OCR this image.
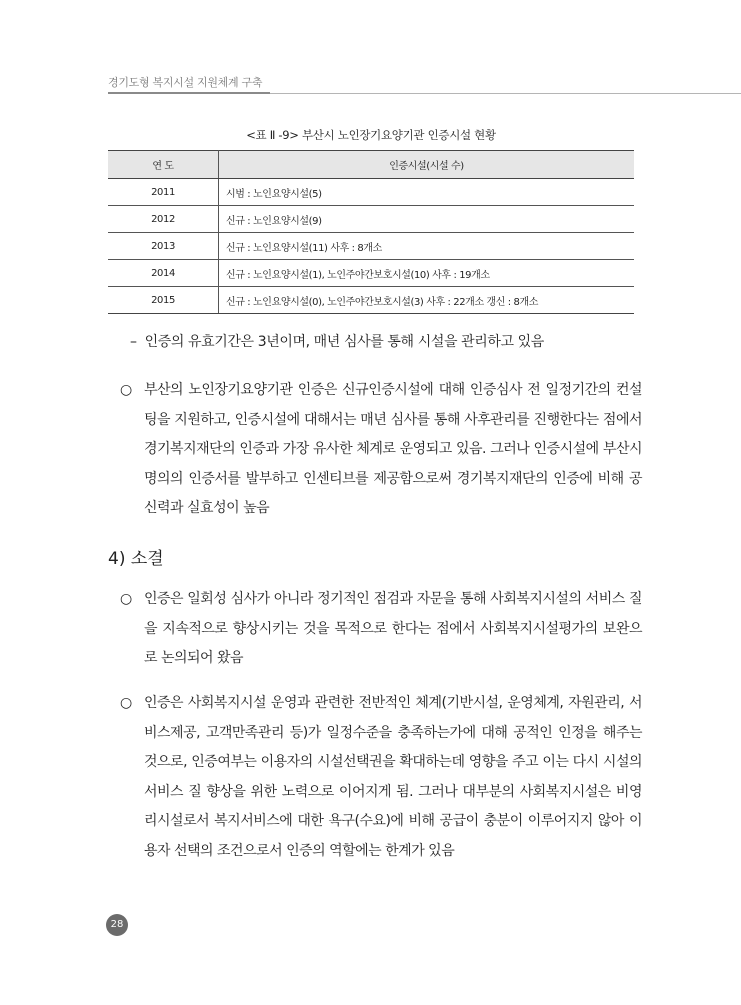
경기도형 복지시설 지원체계 구축
<표 Ⅱ -9> 부산시 노인장기요양기관 인증시설 현황
연 도	인증시설(시설 수)
2011	시범 : 노인요양시설(5)
2012	신규 : 노인요양시설(9)
2013	신규 : 노인요양시설(11) 사후 : 8개소
2014	신규 : 노인요양시설(1), 노인주야간보호시설(10) 사후 : 19개소
2015	신규 : 노인요양시설(0), 노인주야간보호시설(3) 사후 : 22개소 갱신 : 8개소
– 인증의 유효기간은 3년이며, 매년 심사를 통해 시설을 관리하고 있음
○ 부산의 노인장기요양기관 인증은 신규인증시설에 대해 인증심사 전 일정기간의 컨설팅을 지원하고, 인증시설에 대해서는 매년 심사를 통해 사후관리를 진행한다는 점에서 경기복지재단의 인증과 가장 유사한 체계로 운영되고 있음. 그러나 인증시설에 부산시 명의의 인증서를 발부하고 인센티브를 제공함으로써 경기복지재단의 인증에 비해 공신력과 실효성이 높음
4) 소결
○ 인증은 일회성 심사가 아니라 정기적인 점검과 자문을 통해 사회복지시설의 서비스 질을 지속적으로 향상시키는 것을 목적으로 한다는 점에서 사회복지시설평가의 보완으로 논의되어 왔음
○ 인증은 사회복지시설 운영과 관련한 전반적인 체계(기반시설, 운영체계, 자원관리, 서비스제공, 고객만족관리 등)가 일정수준을 충족하는가에 대해 공적인 인정을 해주는 것으로, 인증여부는 이용자의 시설선택권을 확대하는데 영향을 주고 이는 다시 시설의 서비스 질 향상을 위한 노력으로 이어지게 됨. 그러나 대부분의 사회복지시설은 비영리시설로서 복지서비스에 대한 욕구(수요)에 비해 공급이 충분이 이루어지지 않아 이용자 선택의 조건으로서 인증의 역할에는 한계가 있음
28
